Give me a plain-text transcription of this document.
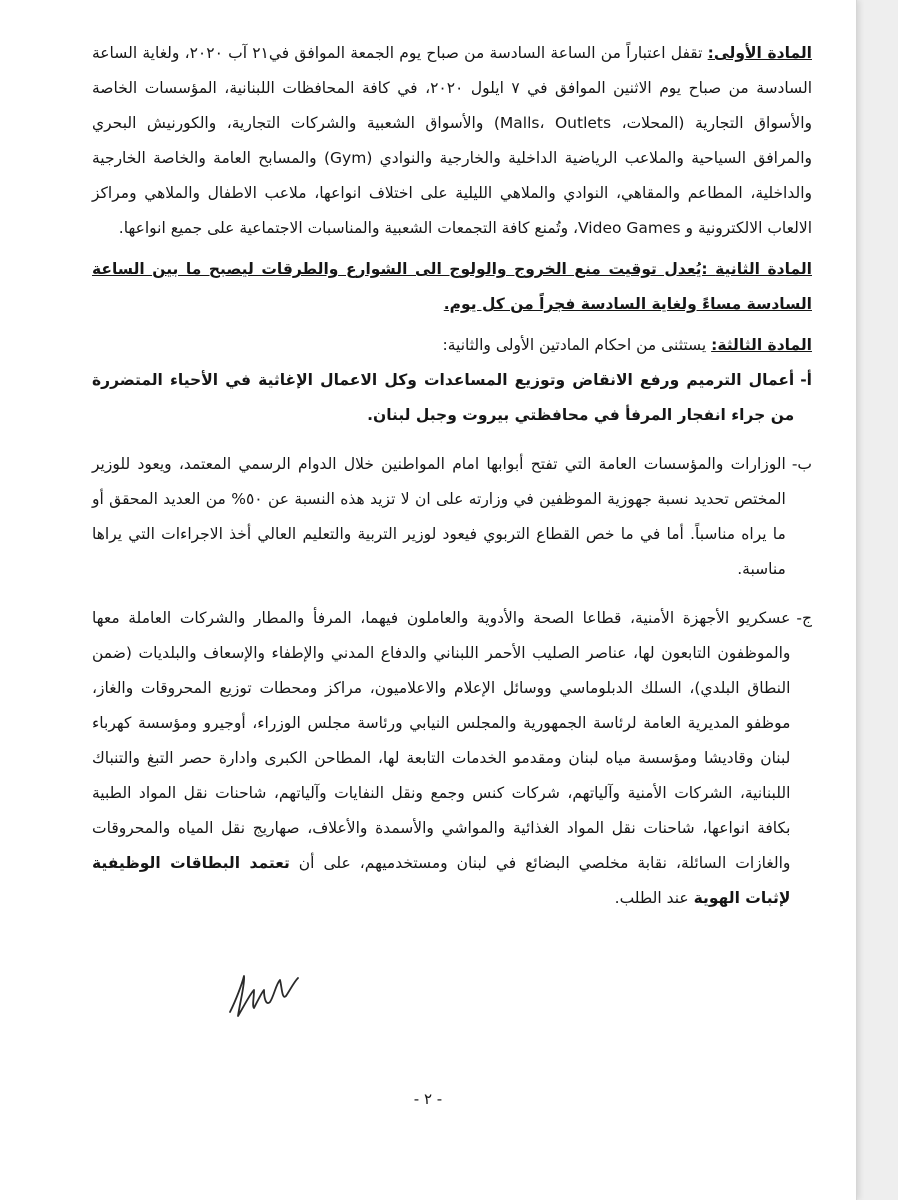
المادة الأولى: تقفل اعتباراً من الساعة السادسة من صباح يوم الجمعة الموافق في٢١ آب ٢٠٢٠، ولغاية الساعة السادسة من صباح يوم الاثنين الموافق في ٧ ايلول ٢٠٢٠، في كافة المحافظات اللبنانية، المؤسسات الخاصة والأسواق التجارية (المحلات، Malls، Outlets) والأسواق الشعبية والشركات التجارية، والكورنيش البحري والمرافق السياحية والملاعب الرياضية الداخلية والخارجية والنوادي (Gym) والمسابح العامة والخاصة الخارجية والداخلية، المطاعم والمقاهي، النوادي والملاهي الليلية على اختلاف انواعها، ملاعب الاطفال والملاهي ومراكز الالعاب الالكترونية و Video Games، وتُمنع كافة التجمعات الشعبية والمناسبات الاجتماعية على جميع انواعها.

المادة الثانية :يُعدل توقيت منع الخروج والولوج الى الشوارع والطرقات ليصبح ما بين الساعة السادسة مساءً ولغاية السادسة فجراً من كل يوم.

المادة الثالثة: يستثنى من احكام المادتين الأولى والثانية:

أ-
أعمال الترميم ورفع الانقاض وتوزيع المساعدات وكل الاعمال الإغاثية في الأحياء المتضررة من جراء انفجار المرفأ في محافظتي بيروت وجبل لبنان.
ب-
الوزارات والمؤسسات العامة التي تفتح أبوابها امام المواطنين خلال الدوام الرسمي المعتمد، ويعود للوزير المختص تحديد نسبة جهوزية الموظفين في وزارته على ان لا تزيد هذه النسبة عن ٥٠% من العديد المحقق أو ما يراه مناسباً. أما في ما خص القطاع التربوي فيعود لوزير التربية والتعليم العالي أخذ الاجراءات التي يراها مناسبة.
ج-
عسكريو الأجهزة الأمنية، قطاعا الصحة والأدوية والعاملون فيهما، المرفأ والمطار والشركات العاملة معها والموظفون التابعون لها، عناصر الصليب الأحمر اللبناني والدفاع المدني والإطفاء والإسعاف والبلديات (ضمن النطاق البلدي)، السلك الدبلوماسي ووسائل الإعلام والاعلاميون، مراكز ومحطات توزيع المحروقات والغاز، موظفو المديرية العامة لرئاسة الجمهورية والمجلس النيابي ورئاسة مجلس الوزراء، أوجيرو ومؤسسة كهرباء لبنان وقاديشا ومؤسسة مياه لبنان ومقدمو الخدمات التابعة لها، المطاحن الكبرى وادارة حصر التبغ والتنباك اللبنانية، الشركات الأمنية وآلياتهم، شركات كنس وجمع ونقل النفايات وآلياتهم، شاحنات نقل المواد الطبية بكافة انواعها، شاحنات نقل المواد الغذائية والمواشي والأسمدة والأعلاف، صهاريج نقل المياه والمحروقات والغازات السائلة، نقابة مخلصي البضائع في لبنان ومستخدميهم، على أن تعتمد البطاقات الوظيفية لإثبات الهوية عند الطلب.
- ٢ -
